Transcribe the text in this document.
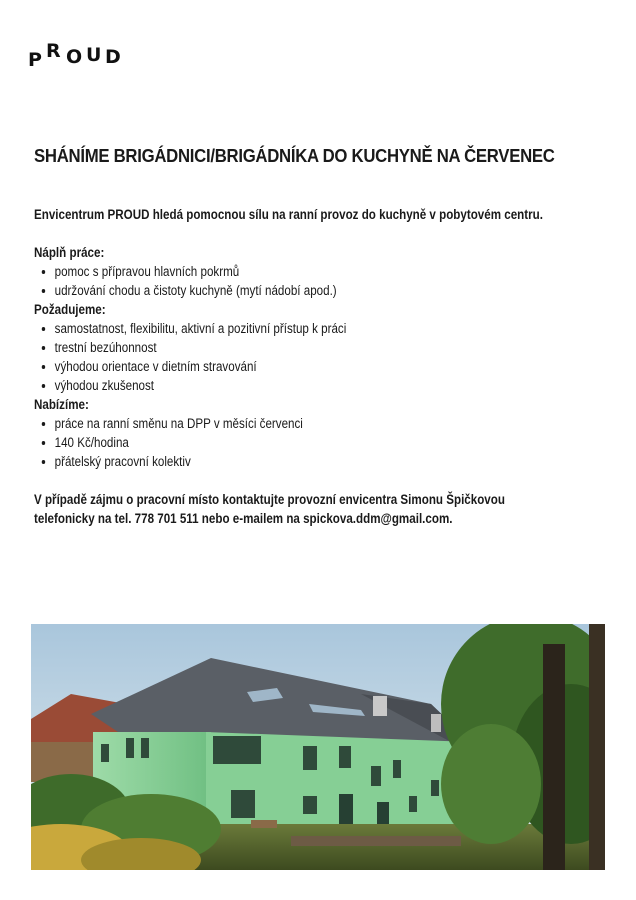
P R O U D
SHÁNÍME BRIGÁDNICI/BRIGÁDNÍKA DO KUCHYNĚ NA ČERVENEC

Envicentrum PROUD hledá pomocnou sílu na ranní provoz do kuchyně v pobytovém centru.

Náplň práce:

• pomoc s přípravou hlavních pokrmů
• udržování chodu a čistoty kuchyně (mytí nádobí apod.)

Požadujeme:

• samostatnost, flexibilitu, aktivní a pozitivní přístup k práci
• trestní bezúhonnost
• výhodou orientace v dietním stravování
• výhodou zkušenost

Nabízíme:

• práce na ranní směnu na DPP v měsíci červenci
• 140 Kč/hodina
• přátelský pracovní kolektiv

V případě zájmu o pracovní místo kontaktujte provozní envicentra Simonu Špičkovou
telefonicky na tel. 778 701 511 nebo e-mailem na spickova.ddm@gmail.com.
